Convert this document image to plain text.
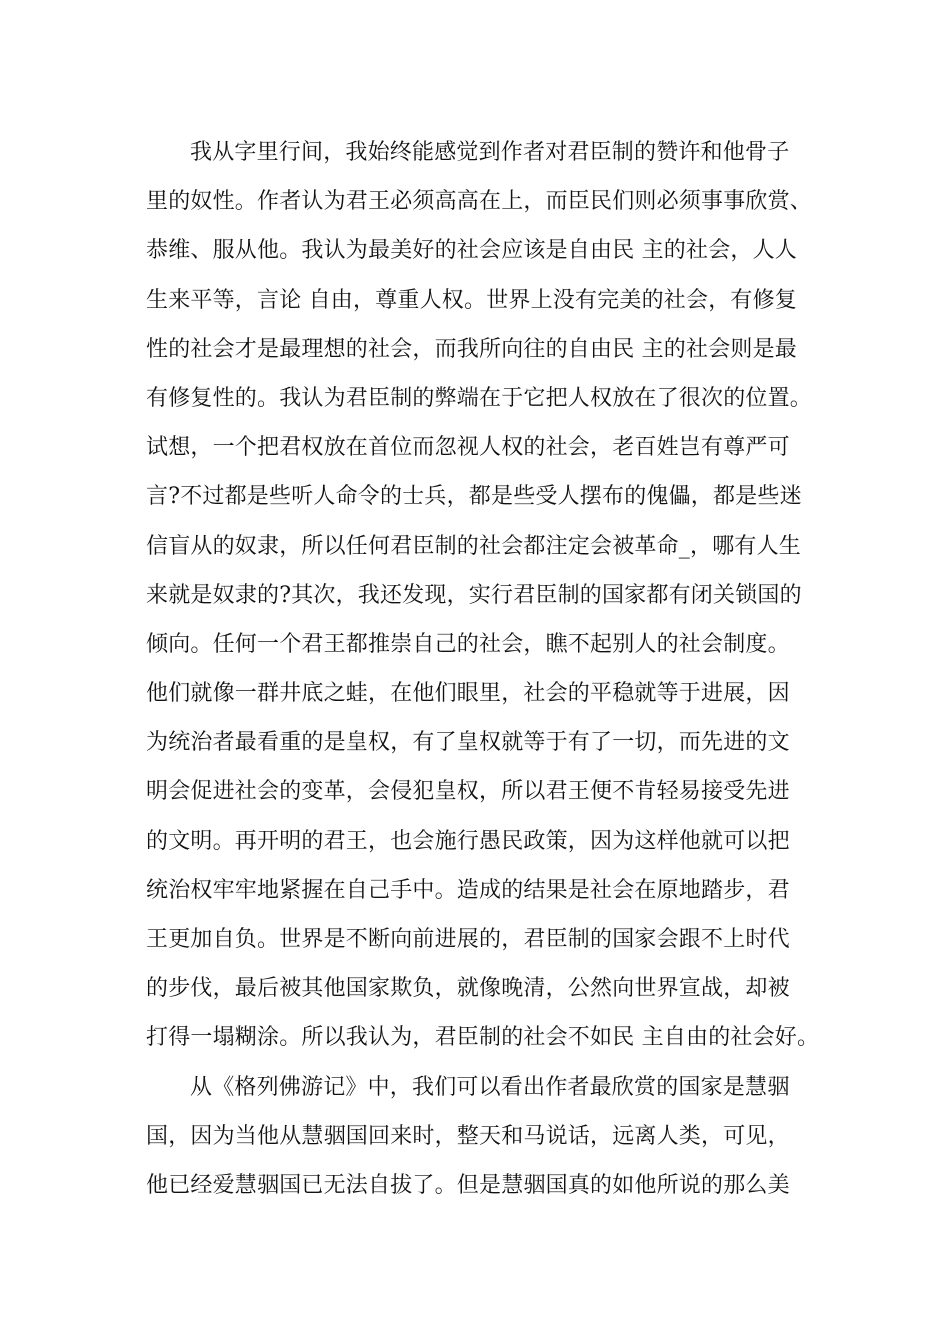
我从字里行间，我始终能感觉到作者对君臣制的赞许和他骨子
里的奴性。作者认为君王必须高高在上，而臣民们则必须事事欣赏、
恭维、服从他。我认为最美好的社会应该是自由民 主的社会，人人
生来平等，言论 自由，尊重人权。世界上没有完美的社会，有修复
性的社会才是最理想的社会，而我所向往的自由民 主的社会则是最
有修复性的。我认为君臣制的弊端在于它把人权放在了很次的位置。
试想，一个把君权放在首位而忽视人权的社会，老百姓岂有尊严可
言?不过都是些听人命令的士兵，都是些受人摆布的傀儡，都是些迷
信盲从的奴隶，所以任何君臣制的社会都注定会被革命_，哪有人生
来就是奴隶的?其次，我还发现，实行君臣制的国家都有闭关锁国的
倾向。任何一个君王都推崇自己的社会，瞧不起别人的社会制度。
他们就像一群井底之蛙，在他们眼里，社会的平稳就等于进展，因
为统治者最看重的是皇权，有了皇权就等于有了一切，而先进的文
明会促进社会的变革，会侵犯皇权，所以君王便不肯轻易接受先进
的文明。再开明的君王，也会施行愚民政策，因为这样他就可以把
统治权牢牢地紧握在自己手中。造成的结果是社会在原地踏步，君
王更加自负。世界是不断向前进展的，君臣制的国家会跟不上时代
的步伐，最后被其他国家欺负，就像晚清，公然向世界宣战，却被
打得一塌糊涂。所以我认为，君臣制的社会不如民 主自由的社会好。
从《格列佛游记》中，我们可以看出作者最欣赏的国家是慧骃
国，因为当他从慧骃国回来时，整天和马说话，远离人类，可见，
他已经爱慧骃国已无法自拔了。但是慧骃国真的如他所说的那么美
